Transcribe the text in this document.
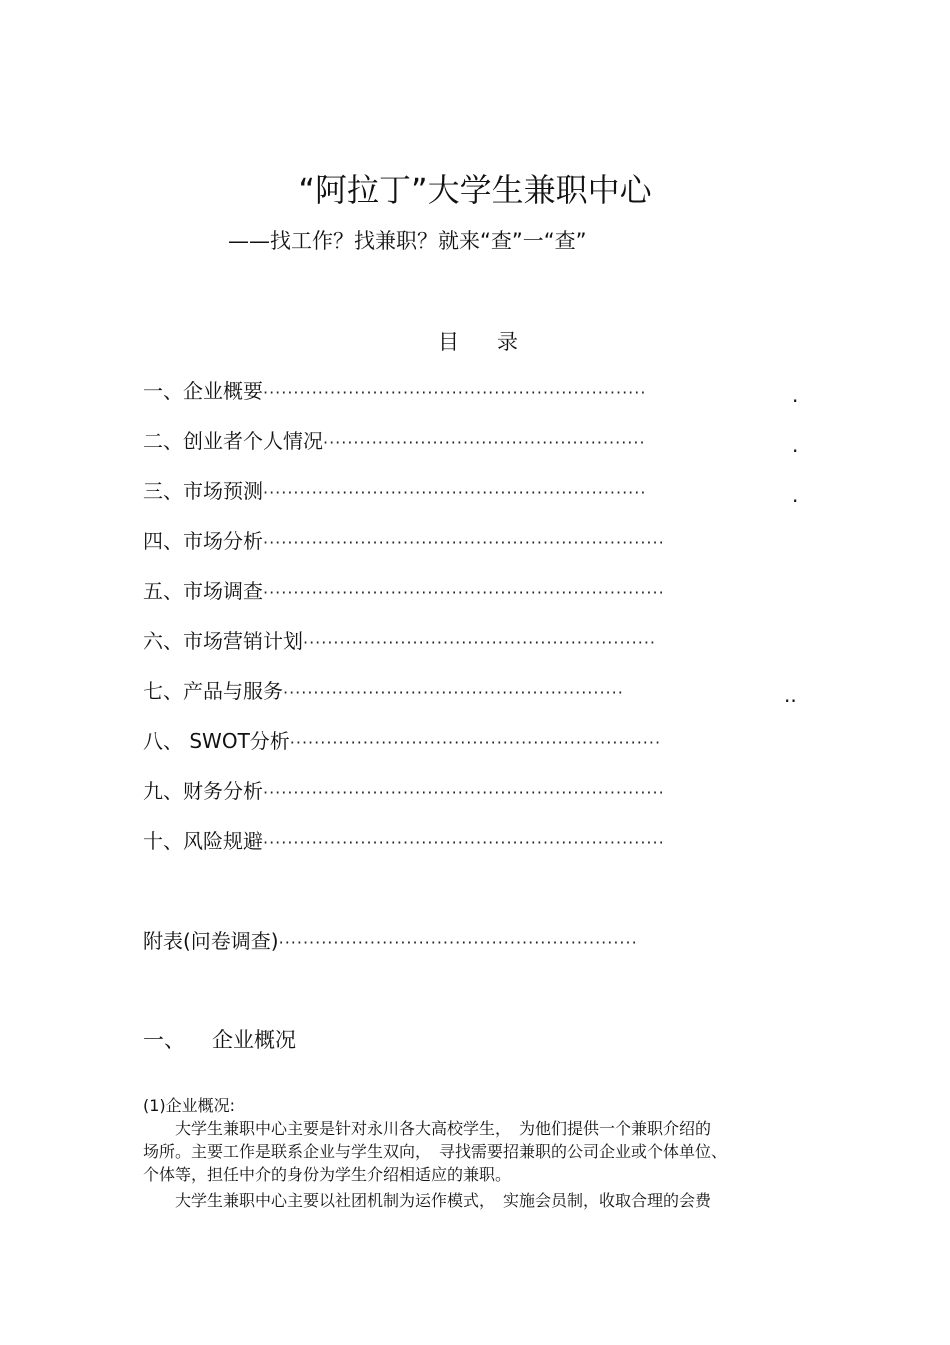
“阿拉丁”大学生兼职中心
——找工作？找兼职？就来“查”一“查”
目录
一、企业概要·······························································	.
二、创业者个人情况·····················································	.
三、市场预测·······························································	.
四、市场分析··································································
五、市场调查··································································
六、市场营销计划··························································
七、产品与服务························································	..
八、 SWOT分析·····························································
九、财务分析··································································
十、风险规避··································································
附表(问卷调查)···························································
一、 企业概况
(1)企业概况:
　　大学生兼职中心主要是针对永川各大高校学生，　为他们提供一个兼职介绍的
场所。主要工作是联系企业与学生双向，　寻找需要招兼职的公司企业或个体单位、
个体等，担任中介的身份为学生介绍相适应的兼职。
　　大学生兼职中心主要以社团机制为运作模式，　实施会员制，收取合理的会费
